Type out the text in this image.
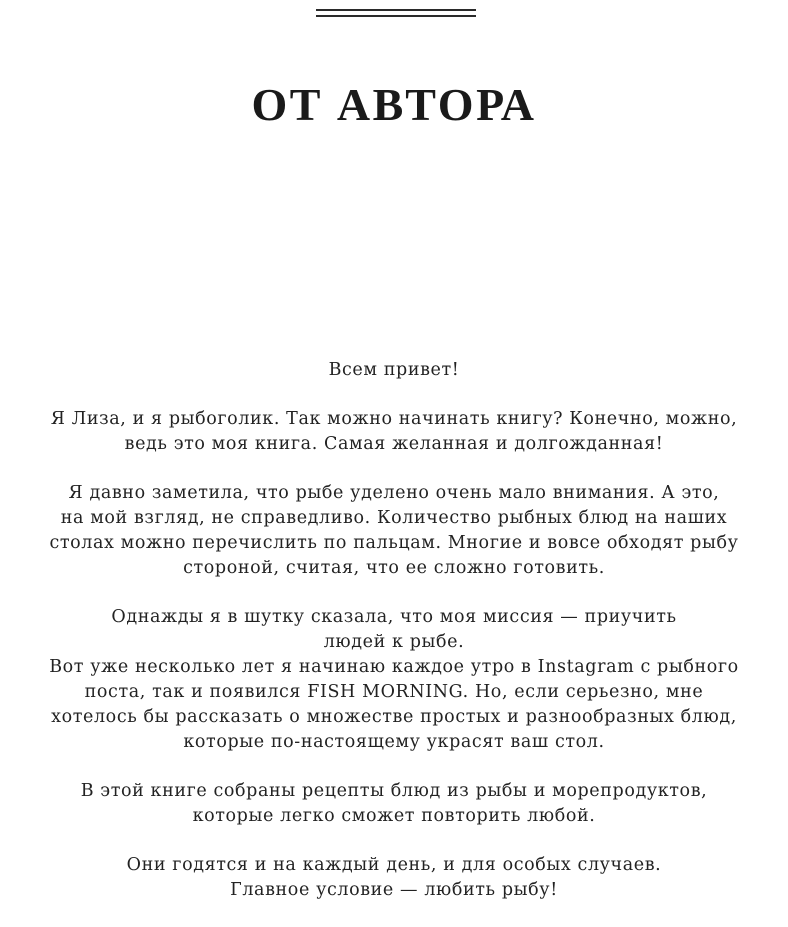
ОТ АВТОРА

Всем привет!

Я Лиза, и я рыбоголик. Так можно начинать книгу? Конечно, можно,
ведь это моя книга. Самая желанная и долгожданная!

Я давно заметила, что рыбе уделено очень мало внимания. А это,
на мой взгляд, не справедливо. Количество рыбных блюд на наших
столах можно перечислить по пальцам. Многие и вовсе обходят рыбу
стороной, считая, что ее сложно готовить.

Однажды я в шутку сказала, что моя миссия — приучить
людей к рыбе.
Вот уже несколько лет я начинаю каждое утро в Instagram с рыбного
поста, так и появился FISH MORNING. Но, если серьезно, мне
хотелось бы рассказать о множестве простых и разнообразных блюд,
которые по-настоящему украсят ваш стол.

В этой книге собраны рецепты блюд из рыбы и морепродуктов,
которые легко сможет повторить любой.

Они годятся и на каждый день, и для особых случаев.
Главное условие — любить рыбу!
